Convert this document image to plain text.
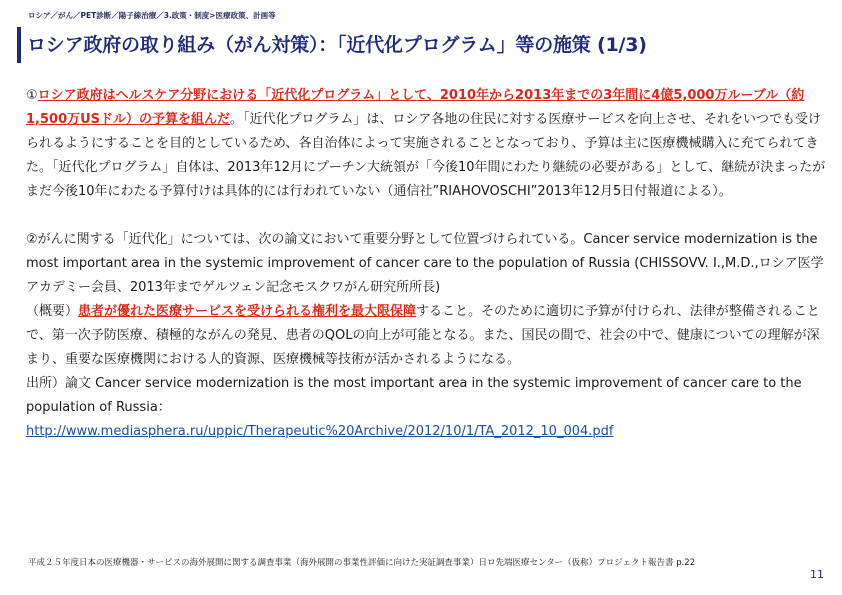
ロシア／がん／PET診断／陽子線治療／3.政策・制度>医療政策、計画等
ロシア政府の取り組み（がん対策）：「近代化プログラム」等の施策 (1/3)

①ロシア政府はヘルスケア分野における「近代化プログラム」として、2010年から2013年までの3年間に4億5,000万ルーブル（約1,500万USドル）の予算を組んだ。「近代化プログラム」は、ロシア各地の住民に対する医療サービスを向上させ、それをいつでも受けられるようにすることを目的としているため、各自治体によって実施されることとなっており、予算は主に医療機械購入に充てられてきた。「近代化プログラム」自体は、2013年12月にプーチン大統領が「今後10年間にわたり継続の必要がある」として、継続が決まったがまだ今後10年にわたる予算付けは具体的には行われていない（通信社”RIAHOVOSCHI”2013年12月5日付報道による）。

②がんに関する「近代化」については、次の論文において重要分野として位置づけられている。Cancer service modernization is the most important area in the systemic improvement of cancer care to the population of Russia (CHISSOVV. I.,M.D.,ロシア医学アカデミー会員、2013年までゲルツェン記念モスクワがん研究所所長)

（概要）患者が優れた医療サービスを受けられる権利を最大限保障すること。そのために適切に予算が付けられ、法律が整備されることで、第一次予防医療、積極的ながんの発見、患者のQOLの向上が可能となる。また、国民の間で、社会の中で、健康についての理解が深まり、重要な医療機関における人的資源、医療機械等技術が活かされるようになる。

出所）論文 Cancer service modernization is the most important area in the systemic improvement of cancer care to the population of Russia：

http://www.mediasphera.ru/uppic/Therapeutic%20Archive/2012/10/1/TA_2012_10_004.pdf

平成２５年度日本の医療機器・サービスの海外展開に関する調査事業（海外展開の事業性評価に向けた実証調査事業）日ロ先端医療センター（仮称）プロジェクト報告書 p.22
11
